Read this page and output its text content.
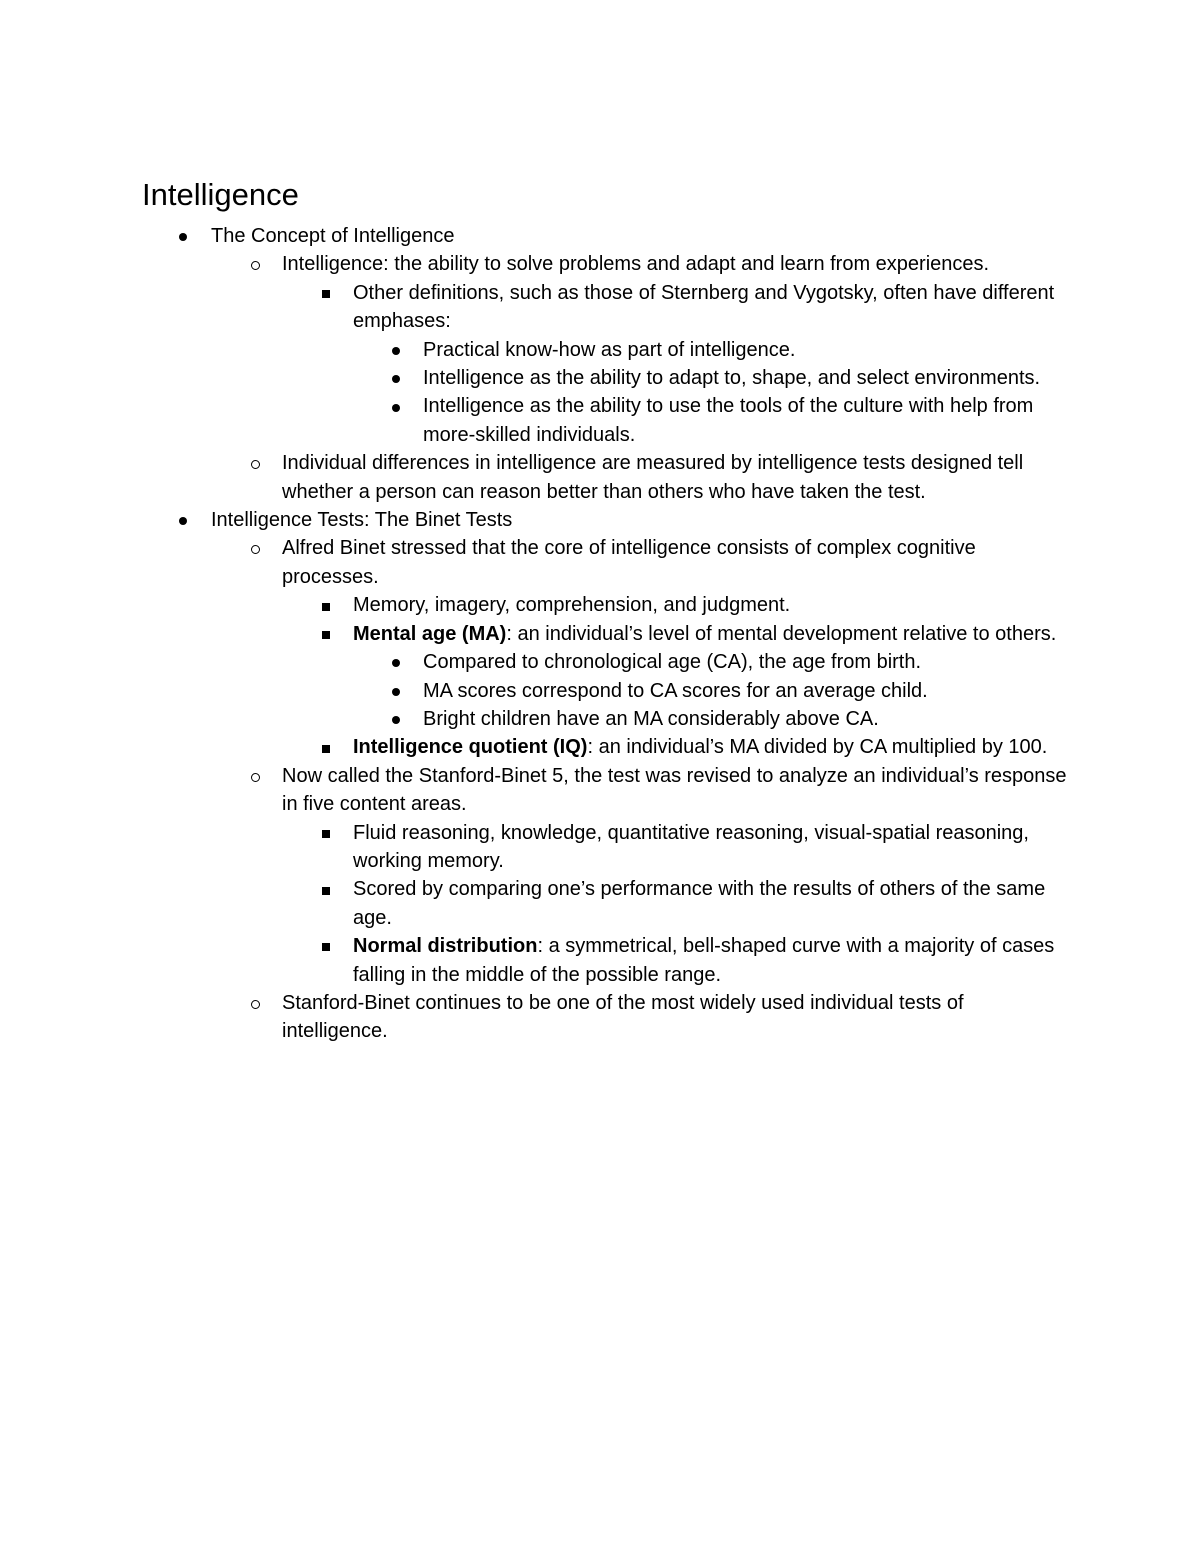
Intelligence
The Concept of Intelligence
Intelligence: the ability to solve problems and adapt and learn from experiences.
Other definitions, such as those of Sternberg and Vygotsky, often have different emphases:
Practical know-how as part of intelligence.
Intelligence as the ability to adapt to, shape, and select environments.
Intelligence as the ability to use the tools of the culture with help from more-skilled individuals.
Individual differences in intelligence are measured by intelligence tests designed tell whether a person can reason better than others who have taken the test.
Intelligence Tests: The Binet Tests
Alfred Binet stressed that the core of intelligence consists of complex cognitive processes.
Memory, imagery, comprehension, and judgment.
Mental age (MA): an individual’s level of mental development relative to others.
Compared to chronological age (CA), the age from birth.
MA scores correspond to CA scores for an average child.
Bright children have an MA considerably above CA.
Intelligence quotient (IQ): an individual’s MA divided by CA multiplied by 100.
Now called the Stanford-Binet 5, the test was revised to analyze an individual’s response in five content areas.
Fluid reasoning, knowledge, quantitative reasoning, visual-spatial reasoning, working memory.
Scored by comparing one’s performance with the results of others of the same age.
Normal distribution: a symmetrical, bell-shaped curve with a majority of cases falling in the middle of the possible range.
Stanford-Binet continues to be one of the most widely used individual tests of intelligence.
